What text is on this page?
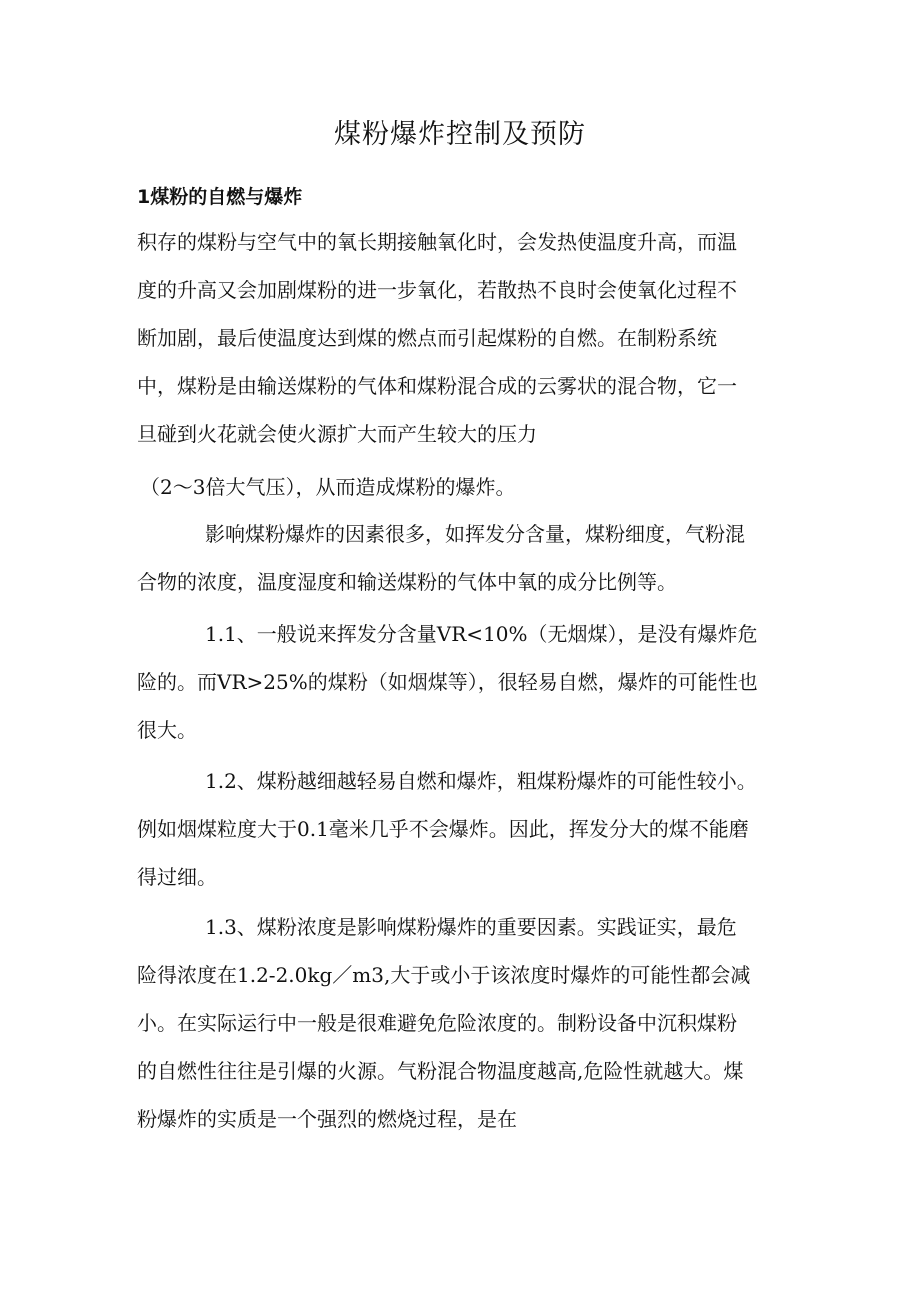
煤粉爆炸控制及预防
1煤粉的自燃与爆炸
积存的煤粉与空气中的氧长期接触氧化时，会发热使温度升高，而温
度的升高又会加剧煤粉的进一步氧化，若散热不良时会使氧化过程不
断加剧，最后使温度达到煤的燃点而引起煤粉的自燃。在制粉系统
中，煤粉是由输送煤粉的气体和煤粉混合成的云雾状的混合物，它一
旦碰到火花就会使火源扩大而产生较大的压力
（2～3倍大气压），从而造成煤粉的爆炸。
影响煤粉爆炸的因素很多，如挥发分含量，煤粉细度，气粉混
合物的浓度，温度湿度和输送煤粉的气体中氧的成分比例等。
1.1、一般说来挥发分含量VR<10%（无烟煤），是没有爆炸危
险的。而VR>25%的煤粉（如烟煤等），很轻易自燃，爆炸的可能性也
很大。
1.2、煤粉越细越轻易自燃和爆炸，粗煤粉爆炸的可能性较小。
例如烟煤粒度大于0.1毫米几乎不会爆炸。因此，挥发分大的煤不能磨
得过细。
1.3、煤粉浓度是影响煤粉爆炸的重要因素。实践证实，最危
险得浓度在1.2-2.0kg／m3,大于或小于该浓度时爆炸的可能性都会减
小。在实际运行中一般是很难避免危险浓度的。制粉设备中沉积煤粉
的自燃性往往是引爆的火源。气粉混合物温度越高,危险性就越大。煤
粉爆炸的实质是一个强烈的燃烧过程，是在
